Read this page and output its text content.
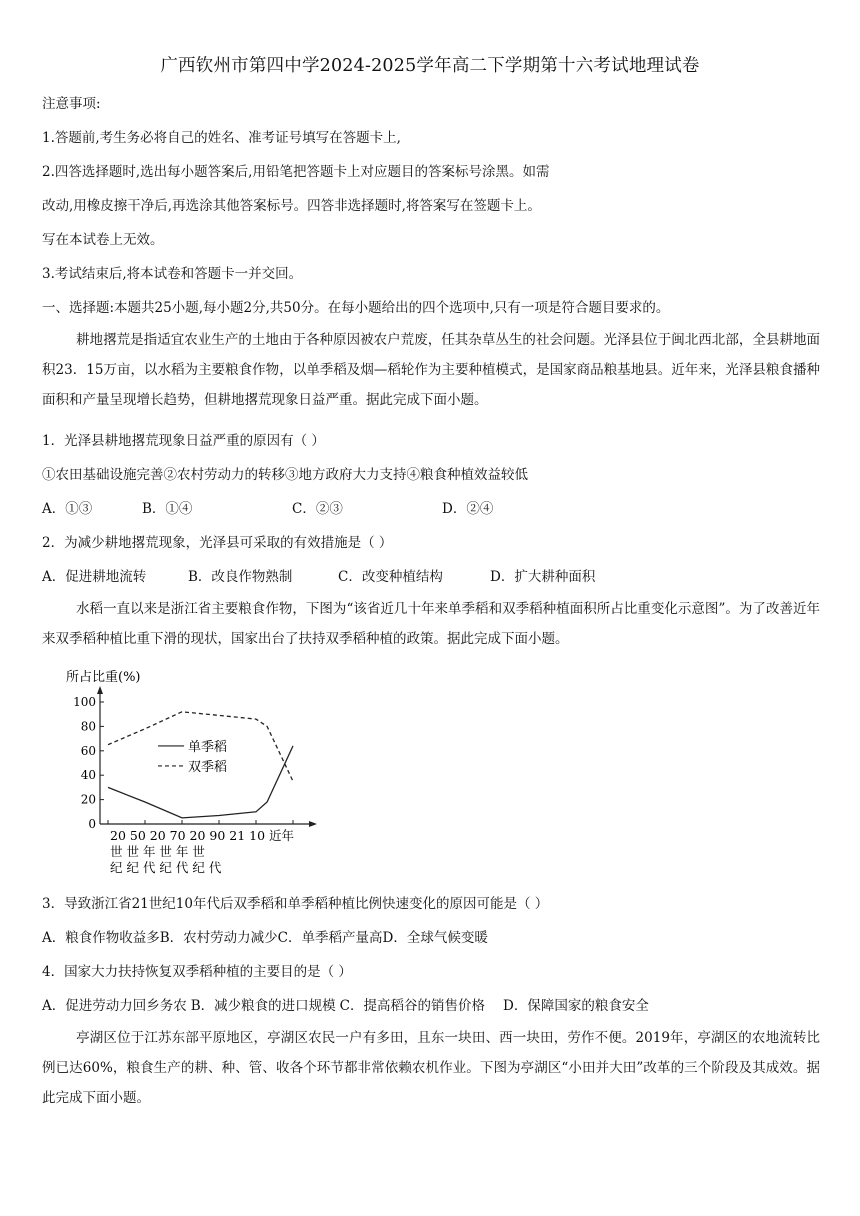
广西钦州市第四中学2024-2025学年高二下学期第十六考试地理试卷
注意事项:
1.答题前,考生务必将自己的姓名、准考证号填写在答题卡上,
2.四答选择题时,选出每小题答案后,用铅笔把答题卡上对应题目的答案标号涂黑。如需
改动,用橡皮擦干净后,再选涂其他答案标号。四答非选择题时,将答案写在签题卡上。
写在本试卷上无效。
3.考试结束后,将本试卷和答题卡一并交回。
一、选择题:本题共25小题,每小题2分,共50分。在每小题给出的四个选项中,只有一项是符合题目要求的。
耕地撂荒是指适宜农业生产的土地由于各种原因被农户荒废，任其杂草丛生的社会问题。光泽县位于闽北西北部，全县耕地面积23．15万亩，以水稻为主要粮食作物，以单季稻及烟—稻轮作为主要种植模式，是国家商品粮基地县。近年来，光泽县粮食播种面积和产量呈现增长趋势，但耕地撂荒现象日益严重。据此完成下面小题。
1．光泽县耕地撂荒现象日益严重的原因有（ ）
①农田基础设施完善②农村劳动力的转移③地方政府大力支持④粮食种植效益较低
A．①③	B．①④	C．②③	D．②④
2．为减少耕地撂荒现象，光泽县可采取的有效措施是（ ）
A．促进耕地流转	B．改良作物熟制	C．改变种植结构	D．扩大耕种面积
水稻一直以来是浙江省主要粮食作物，下图为“该省近几十年来单季稻和双季稻种植面积所占比重变化示意图”。为了改善近年来双季稻种植比重下滑的现状，国家出台了扶持双季稻种植的政策。据此完成下面小题。
所占比重(%)
0
20
40
60
80
100
单季稻
双季稻
20 50 20 70 20 90 21 10 近年
世 世 年 世 年 世
纪 纪 代 纪 代 纪 代
3．导致浙江省21世纪10年代后双季稻和单季稻种植比例快速变化的原因可能是（ ）
A．粮食作物收益多B．农村劳动力减少C．单季稻产量高D．全球气候变暖
4．国家大力扶持恢复双季稻种植的主要目的是（ ）
A．促进劳动力回乡务农 B．减少粮食的进口规模 C．提高稻谷的销售价格 D．保障国家的粮食安全
亭湖区位于江苏东部平原地区，亭湖区农民一户有多田，且东一块田、西一块田，劳作不便。2019年，亭湖区的农地流转比例已达60%，粮食生产的耕、种、管、收各个环节都非常依赖农机作业。下图为亭湖区“小田并大田”改革的三个阶段及其成效。据此完成下面小题。
